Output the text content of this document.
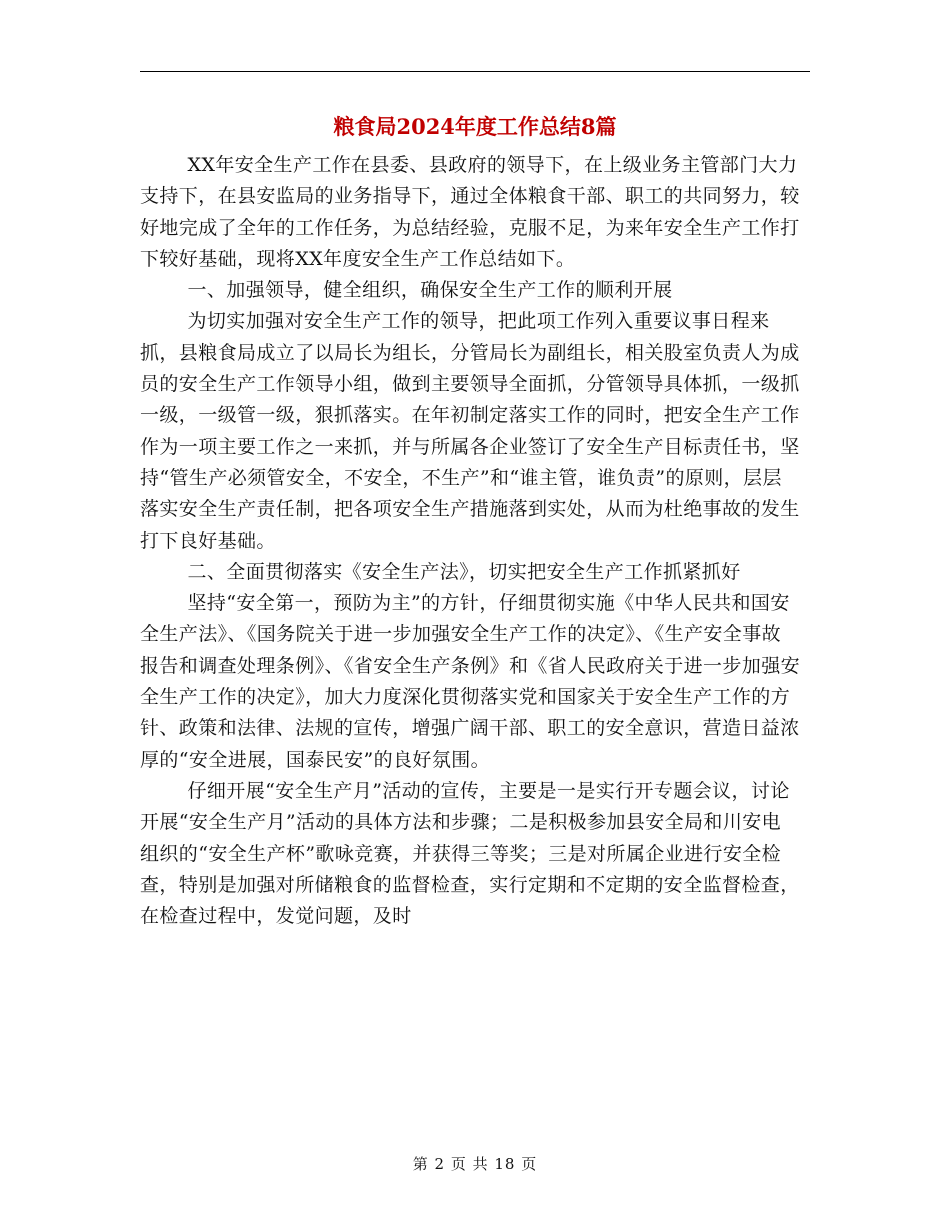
粮食局2024年度工作总结8篇

XX年安全生产工作在县委、县政府的领导下，在上级业务主管部门大力支持下，在县安监局的业务指导下，通过全体粮食干部、职工的共同努力，较好地完成了全年的工作任务，为总结经验，克服不足，为来年安全生产工作打下较好基础，现将XX年度安全生产工作总结如下。

一、加强领导，健全组织，确保安全生产工作的顺利开展

为切实加强对安全生产工作的领导，把此项工作列入重要议事日程来抓，县粮食局成立了以局长为组长，分管局长为副组长，相关股室负责人为成员的安全生产工作领导小组，做到主要领导全面抓，分管领导具体抓，一级抓一级，一级管一级，狠抓落实。在年初制定落实工作的同时，把安全生产工作作为一项主要工作之一来抓，并与所属各企业签订了安全生产目标责任书，坚持“管生产必须管安全，不安全，不生产”和“谁主管，谁负责”的原则，层层落实安全生产责任制，把各项安全生产措施落到实处，从而为杜绝事故的发生打下良好基础。

二、全面贯彻落实《安全生产法》，切实把安全生产工作抓紧抓好

坚持“安全第一，预防为主”的方针，仔细贯彻实施《中华人民共和国安全生产法》、《国务院关于进一步加强安全生产工作的决定》、《生产安全事故报告和调查处理条例》、《省安全生产条例》和《省人民政府关于进一步加强安全生产工作的决定》，加大力度深化贯彻落实党和国家关于安全生产工作的方针、政策和法律、法规的宣传，增强广阔干部、职工的安全意识，营造日益浓厚的“安全进展，国泰民安”的良好氛围。

仔细开展“安全生产月”活动的宣传，主要是一是实行开专题会议，讨论开展“安全生产月”活动的具体方法和步骤；二是积极参加县安全局和川安电组织的“安全生产杯”歌咏竞赛，并获得三等奖；三是对所属企业进行安全检查，特别是加强对所储粮食的监督检查，实行定期和不定期的安全监督检查，在检查过程中，发觉问题，及时

第 2 页 共 18 页
